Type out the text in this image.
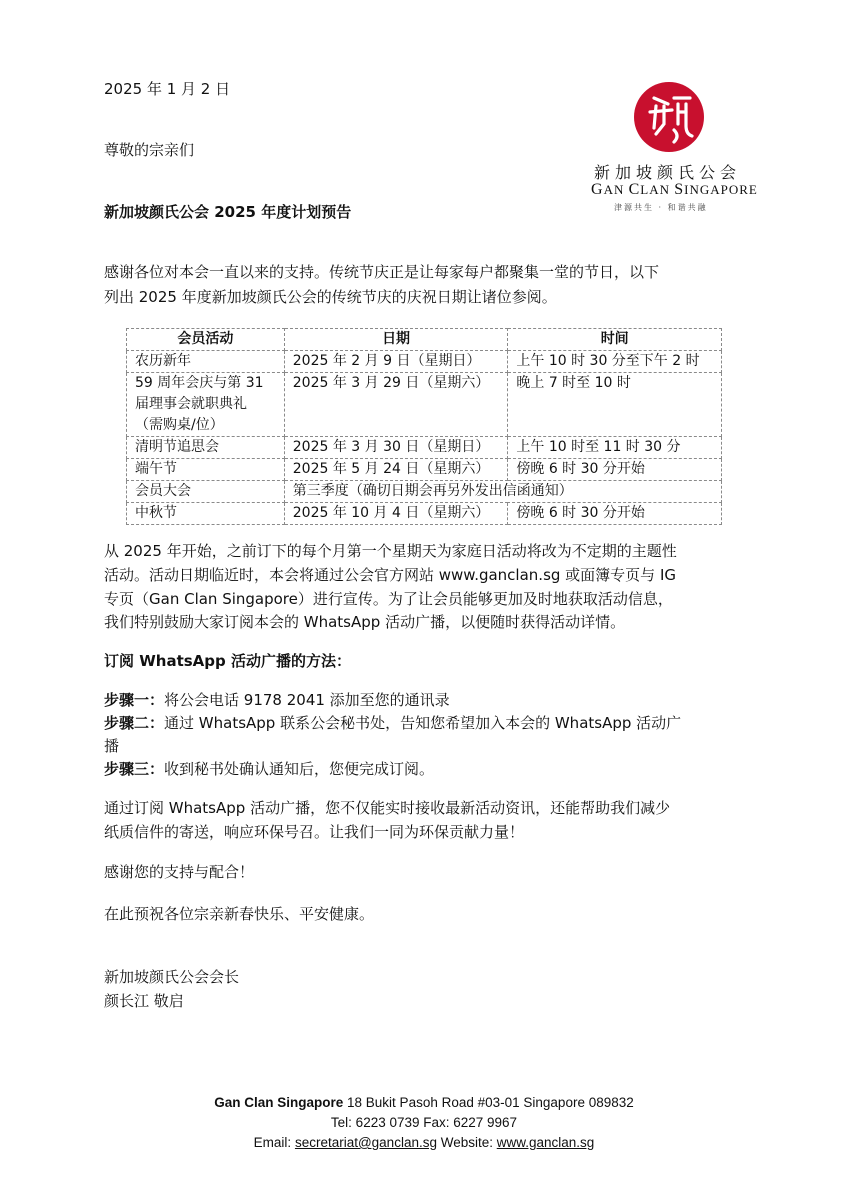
2025 年 1 月 2 日
新加坡颜氏公会
GAN CLAN SINGAPORE
津源共生 · 和谐共融
尊敬的宗亲们
新加坡颜氏公会 2025 年度计划预告
感谢各位对本会一直以来的支持。传统节庆正是让每家每户都聚集一堂的节日，以下
列出 2025 年度新加坡颜氏公会的传统节庆的庆祝日期让诸位参阅。
会员活动	日期	时间
农历新年	2025 年 2 月 9 日（星期日）	上午 10 时 30 分至下午 2 时

59 周年会庆与第 31
届理事会就职典礼
（需购桌/位）	2025 年 3 月 29 日（星期六）	晚上 7 时至 10 时
清明节追思会	2025 年 3 月 30 日（星期日）	上午 10 时至 11 时 30 分
端午节	2025 年 5 月 24 日（星期六）	傍晚 6 时 30 分开始
会员大会	第三季度（确切日期会再另外发出信函通知）	
中秋节	2025 年 10 月 4 日（星期六）	傍晚 6 时 30 分开始
从 2025 年开始，之前订下的每个月第一个星期天为家庭日活动将改为不定期的主题性
活动。活动日期临近时，本会将通过公会官方网站 www.ganclan.sg 或面簿专页与 IG
专页（Gan Clan Singapore）进行宣传。为了让会员能够更加及时地获取活动信息，
我们特别鼓励大家订阅本会的 WhatsApp 活动广播，以便随时获得活动详情。
订阅 WhatsApp 活动广播的方法：
步骤一：将公会电话 9178 2041 添加至您的通讯录
步骤二：通过 WhatsApp 联系公会秘书处，告知您希望加入本会的 WhatsApp 活动广
播
步骤三：收到秘书处确认通知后，您便完成订阅。
通过订阅 WhatsApp 活动广播，您不仅能实时接收最新活动资讯，还能帮助我们减少
纸质信件的寄送，响应环保号召。让我们一同为环保贡献力量！
感谢您的支持与配合！
在此预祝各位宗亲新春快乐、平安健康。
新加坡颜氏公会会长
颜长江 敬启
Gan Clan Singapore 18 Bukit Pasoh Road #03-01 Singapore 089832
Tel: 6223 0739 Fax: 6227 9967
Email: secretariat@ganclan.sg Website: www.ganclan.sg
